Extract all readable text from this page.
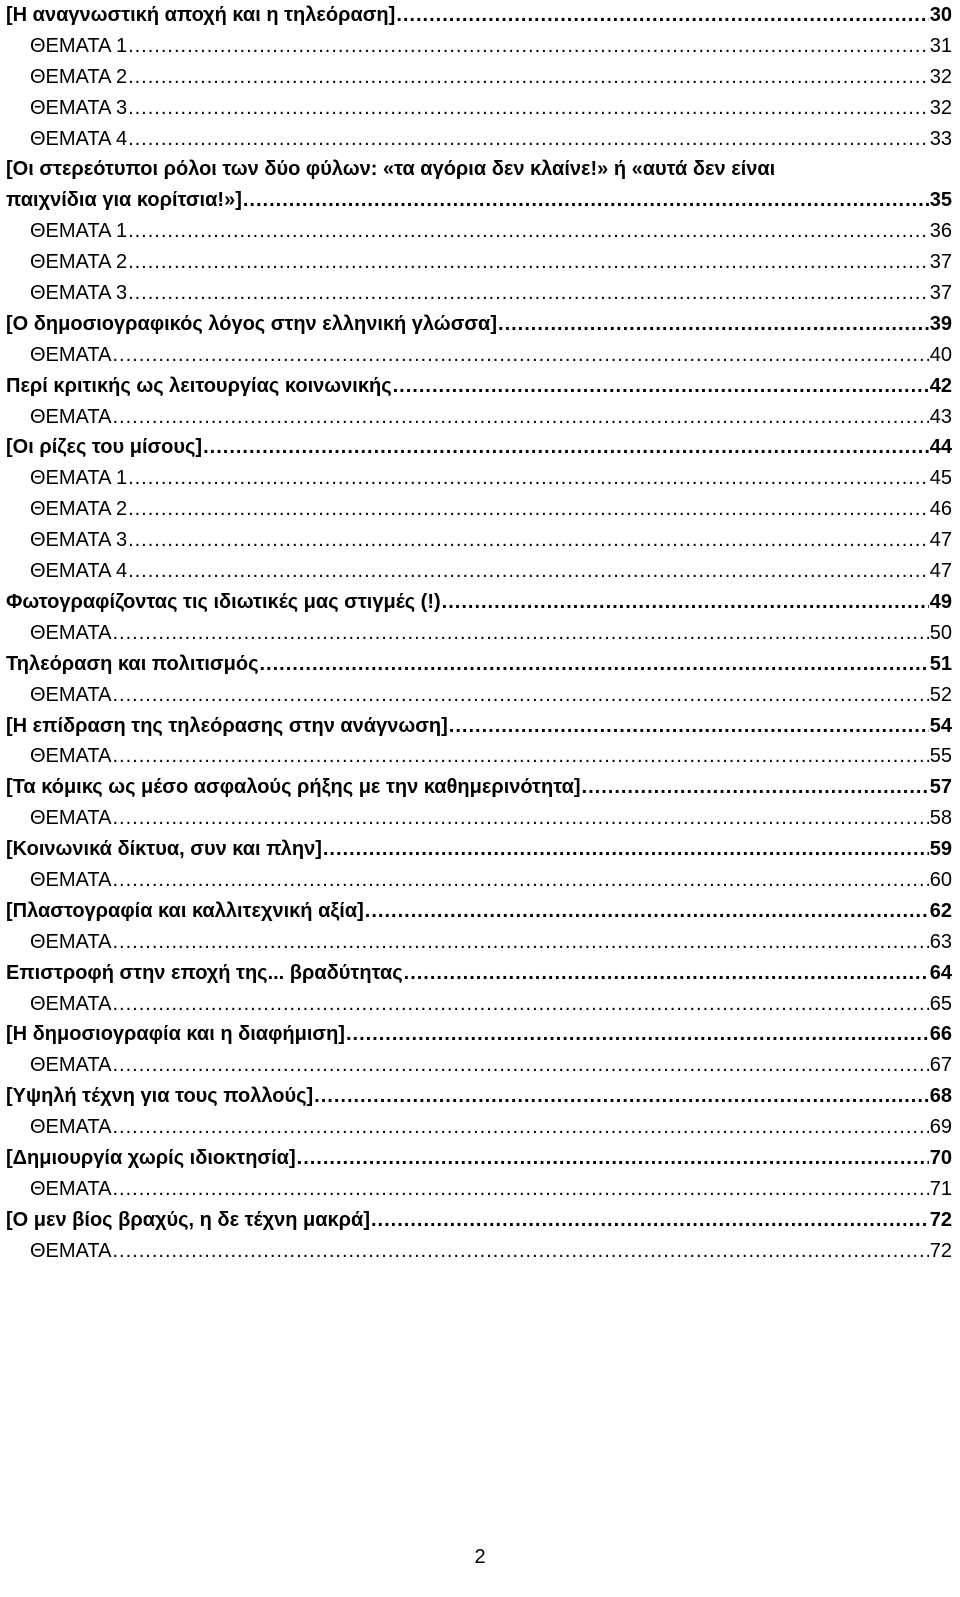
[Η αναγνωστική αποχή και η τηλεόραση] .....	30
ΘΕΜΑΤΑ 1 .....	31
ΘΕΜΑΤΑ 2 .....	32
ΘΕΜΑΤΑ 3 .....	32
ΘΕΜΑΤΑ 4 .....	33
[Οι στερεότυποι ρόλοι των δύο φύλων: «τα αγόρια δεν κλαίνε!» ή «αυτά δεν είναι
παιχνίδια για κορίτσια!»] .....	35
ΘΕΜΑΤΑ 1 .....	36
ΘΕΜΑΤΑ 2 .....	37
ΘΕΜΑΤΑ 3 .....	37
[Ο δημοσιογραφικός λόγος στην ελληνική γλώσσα] .....	39
ΘΕΜΑΤΑ .....	40
Περί κριτικής ως λειτουργίας κοινωνικής .....	42
ΘΕΜΑΤΑ .....	43
[Οι ρίζες του μίσους] .....	44
ΘΕΜΑΤΑ 1 .....	45
ΘΕΜΑΤΑ 2 .....	46
ΘΕΜΑΤΑ 3 .....	47
ΘΕΜΑΤΑ 4 .....	47
Φωτογραφίζοντας τις ιδιωτικές μας στιγμές (!) .....	49
ΘΕΜΑΤΑ .....	50
Τηλεόραση και πολιτισμός .....	51
ΘΕΜΑΤΑ .....	52
[Η επίδραση της τηλεόρασης στην ανάγνωση] .....	54
ΘΕΜΑΤΑ .....	55
[Τα κόμικς ως μέσο ασφαλούς ρήξης με την καθημερινότητα] .....	57
ΘΕΜΑΤΑ .....	58
[Κοινωνικά δίκτυα, συν και πλην] .....	59
ΘΕΜΑΤΑ .....	60
[Πλαστογραφία και καλλιτεχνική αξία] .....	62
ΘΕΜΑΤΑ .....	63
Επιστροφή στην εποχή της... βραδύτητας .....	64
ΘΕΜΑΤΑ .....	65
[Η δημοσιογραφία και η διαφήμιση] .....	66
ΘΕΜΑΤΑ .....	67
[Υψηλή τέχνη για τους πολλούς] .....	68
ΘΕΜΑΤΑ .....	69
[Δημιουργία χωρίς ιδιοκτησία] .....	70
ΘΕΜΑΤΑ .....	71
[Ο μεν βίος βραχύς, η δε τέχνη μακρά] .....	72
ΘΕΜΑΤΑ .....	72
2
